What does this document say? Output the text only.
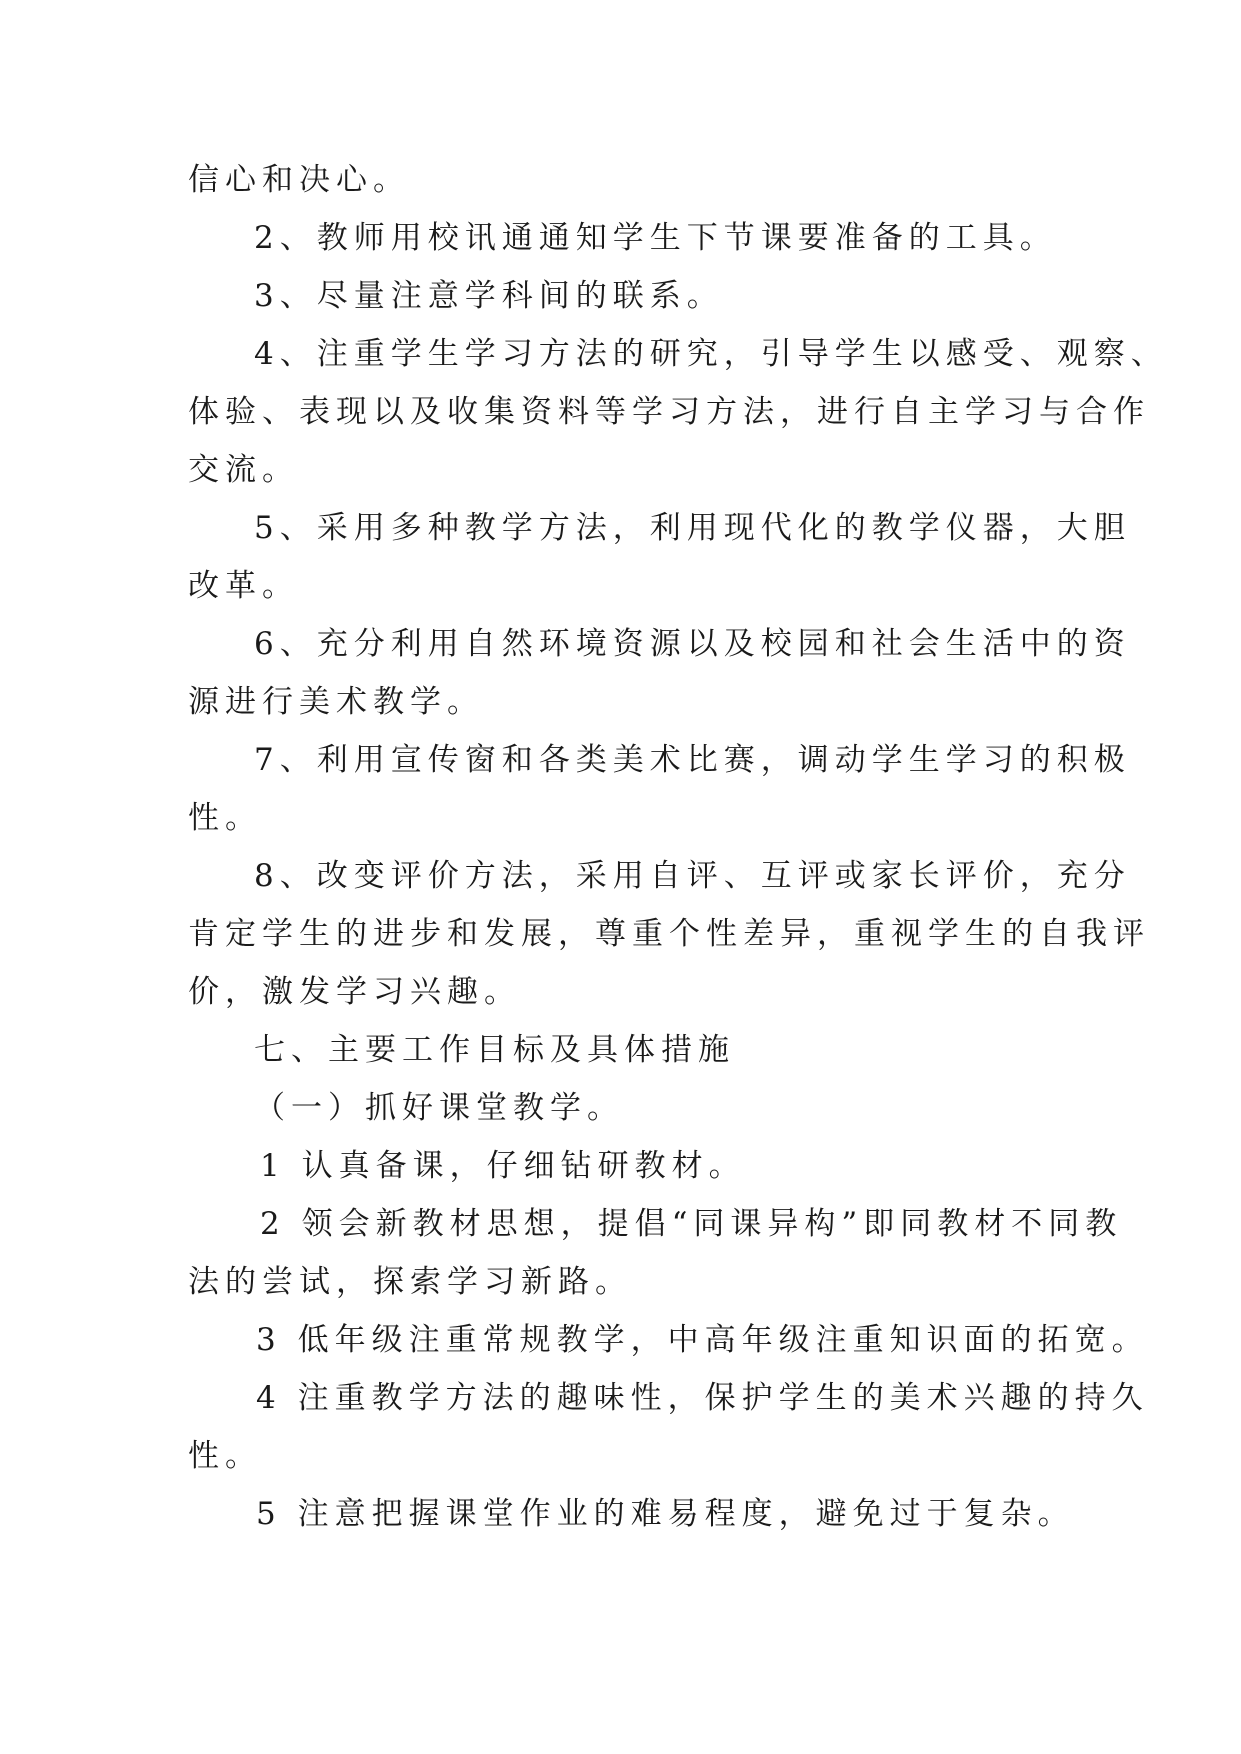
信心和决心。
2、教师用校讯通通知学生下节课要准备的工具。
3、尽量注意学科间的联系。
4、注重学生学习方法的研究，引导学生以感受、观察、
体验、表现以及收集资料等学习方法，进行自主学习与合作
交流。
5、采用多种教学方法，利用现代化的教学仪器，大胆
改革。
6、充分利用自然环境资源以及校园和社会生活中的资
源进行美术教学。
7、利用宣传窗和各类美术比赛，调动学生学习的积极
性。
8、改变评价方法，采用自评、互评或家长评价，充分
肯定学生的进步和发展，尊重个性差异，重视学生的自我评
价，激发学习兴趣。
七、主要工作目标及具体措施
（一）抓好课堂教学。
1 认真备课，仔细钻研教材。
2 领会新教材思想，提倡“同课异构”即同教材不同教
法的尝试，探索学习新路。
3 低年级注重常规教学，中高年级注重知识面的拓宽。
4 注重教学方法的趣味性，保护学生的美术兴趣的持久
性。
5 注意把握课堂作业的难易程度，避免过于复杂。
